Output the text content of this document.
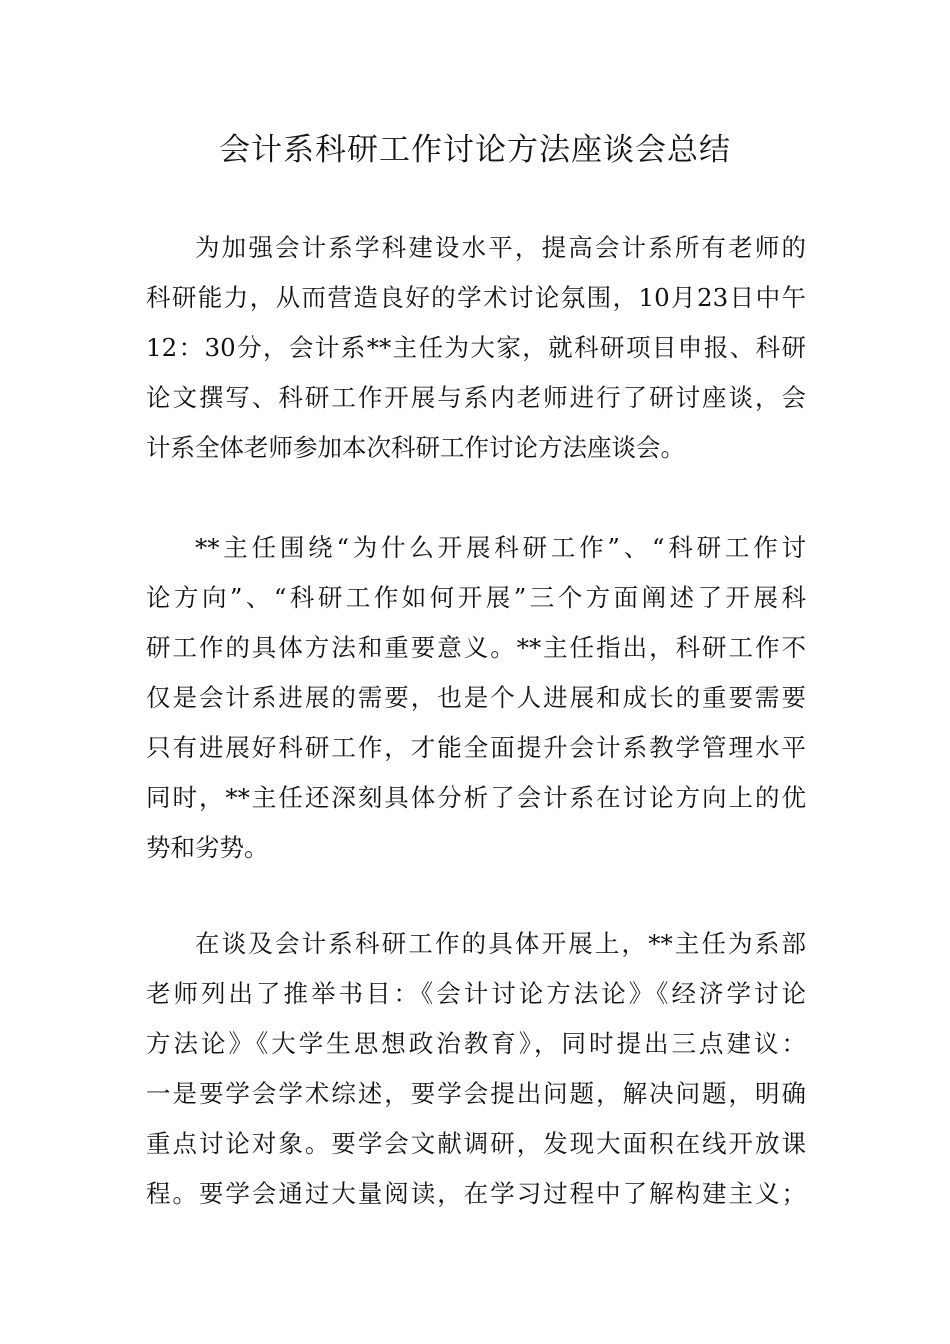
会计系科研工作讨论方法座谈会总结
为加强会计系学科建设水平，提高会计系所有老师的
科研能力，从而营造良好的学术讨论氛围，10月23日中午
12：30分，会计系**主任为大家，就科研项目申报、科研
论文撰写、科研工作开展与系内老师进行了研讨座谈，会
计系全体老师参加本次科研工作讨论方法座谈会。
**主任围绕“为什么开展科研工作”、“科研工作讨
论方向”、“科研工作如何开展”三个方面阐述了开展科
研工作的具体方法和重要意义。**主任指出，科研工作不
仅是会计系进展的需要，也是个人进展和成长的重要需要
只有进展好科研工作，才能全面提升会计系教学管理水平
同时，**主任还深刻具体分析了会计系在讨论方向上的优
势和劣势。
在谈及会计系科研工作的具体开展上，**主任为系部
老师列出了推举书目：《会计讨论方法论》《经济学讨论
方法论》《大学生思想政治教育》，同时提出三点建议：
一是要学会学术综述，要学会提出问题，解决问题，明确
重点讨论对象。要学会文献调研，发现大面积在线开放课
程。要学会通过大量阅读，在学习过程中了解构建主义；
